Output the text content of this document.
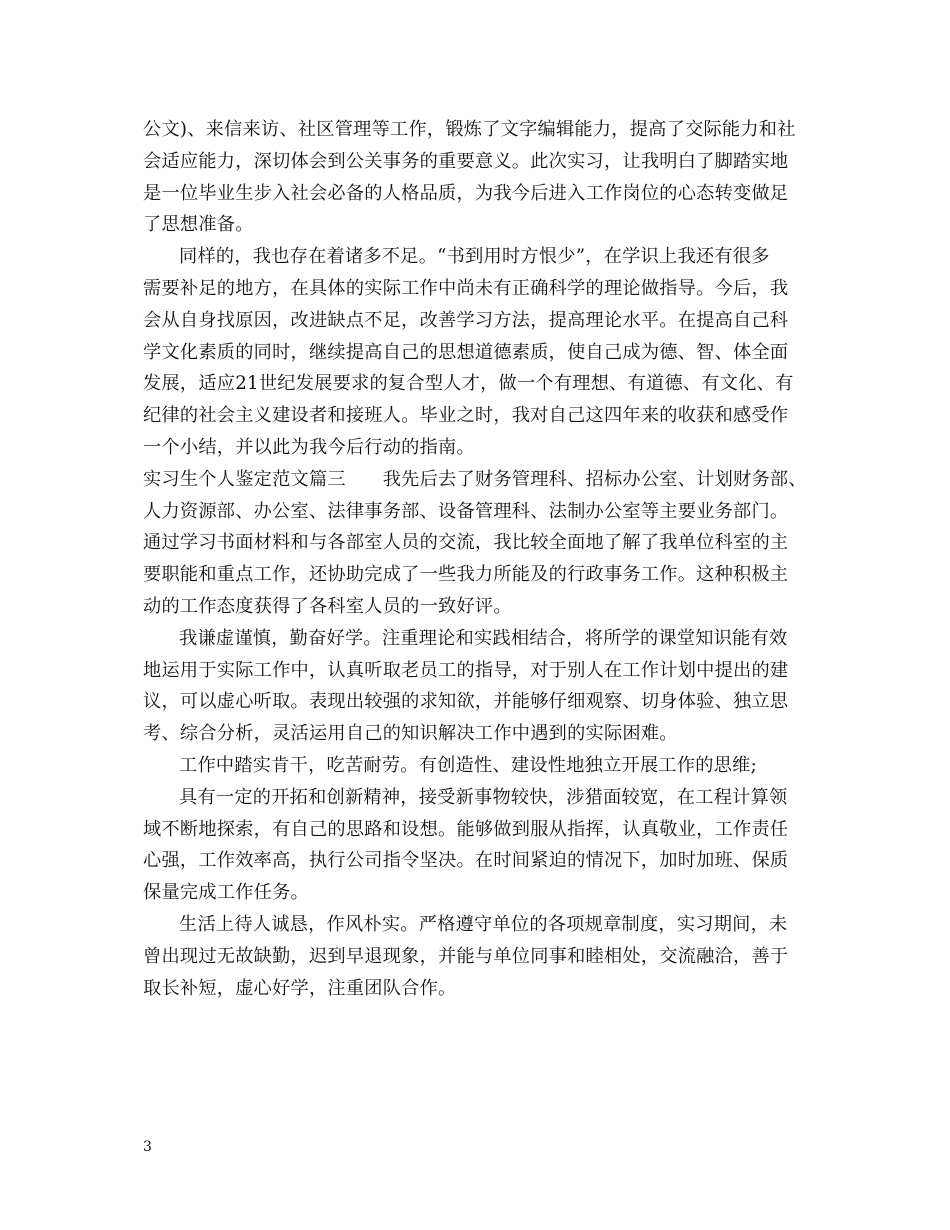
公文)、来信来访、社区管理等工作，锻炼了文字编辑能力，提高了交际能力和社
会适应能力，深切体会到公关事务的重要意义。此次实习，让我明白了脚踏实地
是一位毕业生步入社会必备的人格品质，为我今后进入工作岗位的心态转变做足
了思想准备。
同样的，我也存在着诸多不足。“书到用时方恨少”，在学识上我还有很多
需要补足的地方，在具体的实际工作中尚未有正确科学的理论做指导。今后，我
会从自身找原因，改进缺点不足，改善学习方法，提高理论水平。在提高自己科
学文化素质的同时，继续提高自己的思想道德素质，使自己成为德、智、体全面
发展，适应21世纪发展要求的复合型人才，做一个有理想、有道德、有文化、有
纪律的社会主义建设者和接班人。毕业之时，我对自己这四年来的收获和感受作
一个小结，并以此为我今后行动的指南。
实习生个人鉴定范文篇三　　我先后去了财务管理科、招标办公室、计划财务部、
人力资源部、办公室、法律事务部、设备管理科、法制办公室等主要业务部门。
通过学习书面材料和与各部室人员的交流，我比较全面地了解了我单位科室的主
要职能和重点工作，还协助完成了一些我力所能及的行政事务工作。这种积极主
动的工作态度获得了各科室人员的一致好评。
我谦虚谨慎，勤奋好学。注重理论和实践相结合，将所学的课堂知识能有效
地运用于实际工作中，认真听取老员工的指导，对于别人在工作计划中提出的建
议，可以虚心听取。表现出较强的求知欲，并能够仔细观察、切身体验、独立思
考、综合分析，灵活运用自己的知识解决工作中遇到的实际困难。
工作中踏实肯干，吃苦耐劳。有创造性、建设性地独立开展工作的思维;
具有一定的开拓和创新精神，接受新事物较快，涉猎面较宽，在工程计算领
域不断地探索，有自己的思路和设想。能够做到服从指挥，认真敬业，工作责任
心强，工作效率高，执行公司指令坚决。在时间紧迫的情况下，加时加班、保质
保量完成工作任务。
生活上待人诚恳，作风朴实。严格遵守单位的各项规章制度，实习期间，未
曾出现过无故缺勤，迟到早退现象，并能与单位同事和睦相处，交流融洽，善于
取长补短，虚心好学，注重团队合作。
3
